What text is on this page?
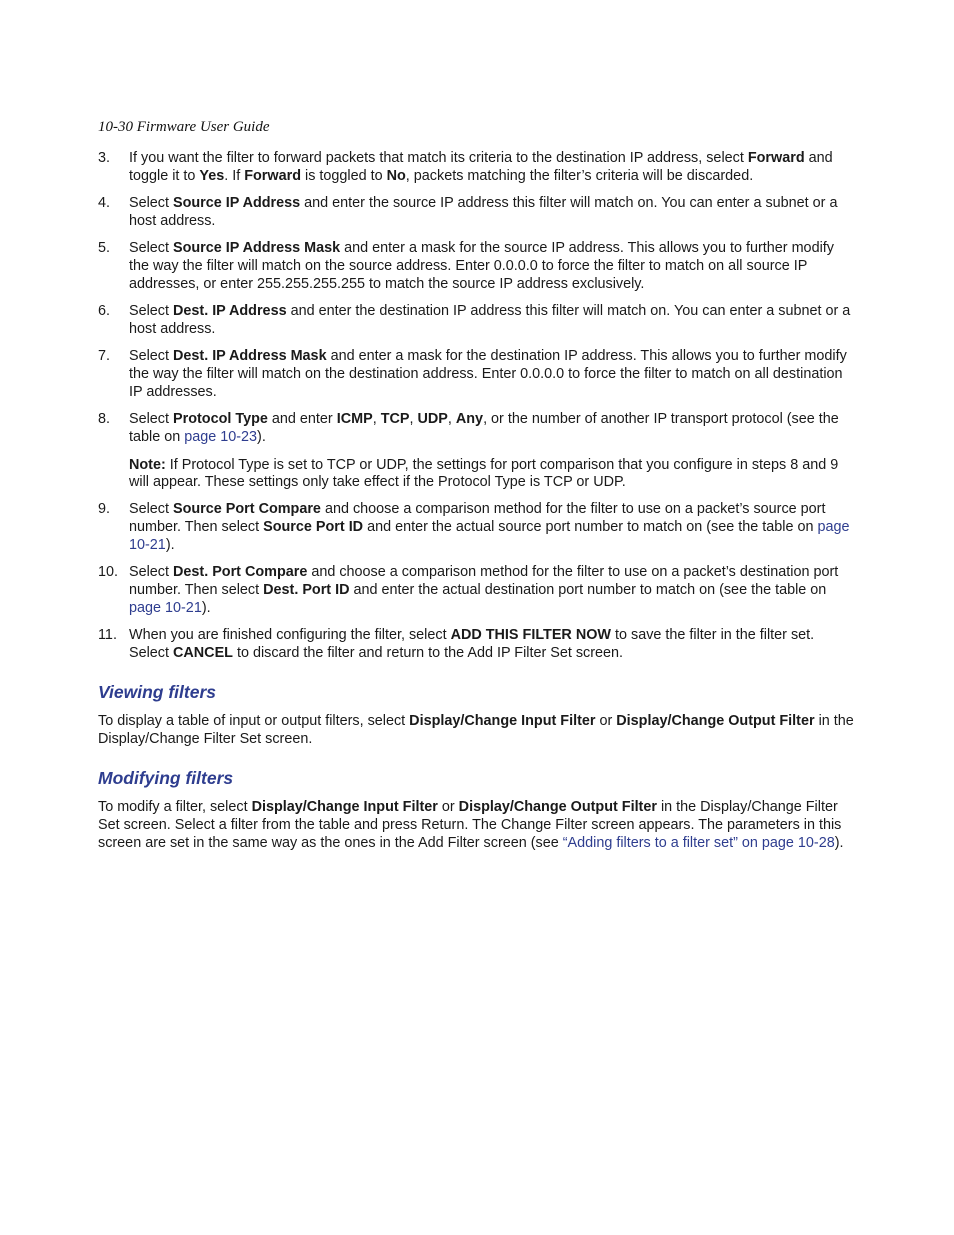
10-30 Firmware User Guide
3. If you want the filter to forward packets that match its criteria to the destination IP address, select Forward and toggle it to Yes. If Forward is toggled to No, packets matching the filter’s criteria will be discarded.
4. Select Source IP Address and enter the source IP address this filter will match on. You can enter a subnet or a host address.
5. Select Source IP Address Mask and enter a mask for the source IP address. This allows you to further modify the way the filter will match on the source address. Enter 0.0.0.0 to force the filter to match on all source IP addresses, or enter 255.255.255.255 to match the source IP address exclusively.
6. Select Dest. IP Address and enter the destination IP address this filter will match on. You can enter a subnet or a host address.
7. Select Dest. IP Address Mask and enter a mask for the destination IP address. This allows you to further modify the way the filter will match on the destination address. Enter 0.0.0.0 to force the filter to match on all destination IP addresses.
8. Select Protocol Type and enter ICMP, TCP, UDP, Any, or the number of another IP transport protocol (see the table on page 10-23).
Note: If Protocol Type is set to TCP or UDP, the settings for port comparison that you configure in steps 8 and 9 will appear. These settings only take effect if the Protocol Type is TCP or UDP.
9. Select Source Port Compare and choose a comparison method for the filter to use on a packet’s source port number. Then select Source Port ID and enter the actual source port number to match on (see the table on page 10-21).
10. Select Dest. Port Compare and choose a comparison method for the filter to use on a packet’s destination port number. Then select Dest. Port ID and enter the actual destination port number to match on (see the table on page 10-21).
11. When you are finished configuring the filter, select ADD THIS FILTER NOW to save the filter in the filter set. Select CANCEL to discard the filter and return to the Add IP Filter Set screen.
Viewing filters
To display a table of input or output filters, select Display/Change Input Filter or Display/Change Output Filter in the Display/Change Filter Set screen.
Modifying filters
To modify a filter, select Display/Change Input Filter or Display/Change Output Filter in the Display/Change Filter Set screen. Select a filter from the table and press Return. The Change Filter screen appears. The parameters in this screen are set in the same way as the ones in the Add Filter screen (see “Adding filters to a filter set” on page 10-28).
